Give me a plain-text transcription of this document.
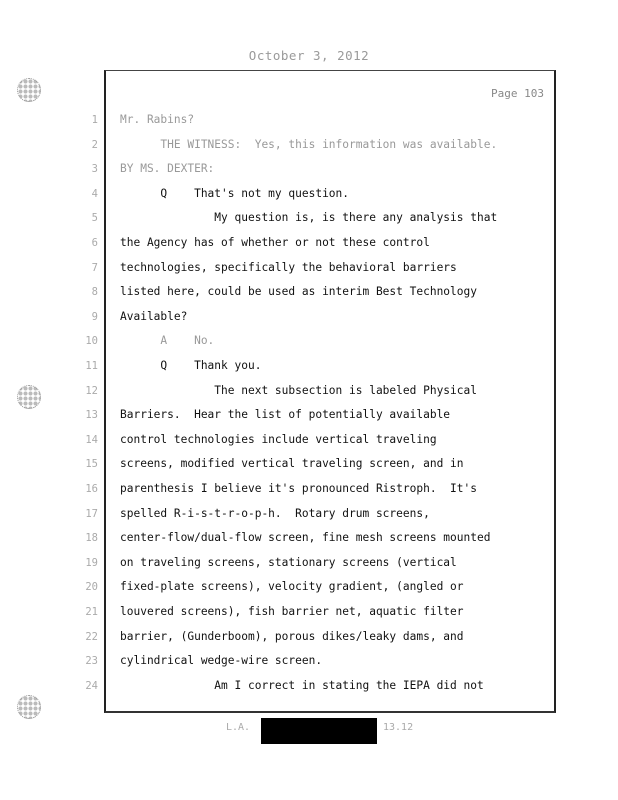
October 3, 2012
Page 103
1 Mr. Rabins?
2 THE WITNESS:  Yes, this information was available.
3 BY MS. DEXTER:
4 Q    That's not my question.
5 My question is, is there any analysis that
6 the Agency has of whether or not these control
7 technologies, specifically the behavioral barriers
8 listed here, could be used as interim Best Technology
9 Available?
10 A    No.
11 Q    Thank you.
12 The next subsection is labeled Physical
13 Barriers.  Hear the list of potentially available
14 control technologies include vertical traveling
15 screens, modified vertical traveling screen, and in
16 parenthesis I believe it's pronounced Ristroph.  It's
17 spelled R-i-s-t-r-o-p-h.  Rotary drum screens,
18 center-flow/dual-flow screen, fine mesh screens mounted
19 on traveling screens, stationary screens (vertical
20 fixed-plate screens), velocity gradient, (angled or
21 louvered screens), fish barrier net, aquatic filter
22 barrier, (Gunderboom), porous dikes/leaky dams, and
23 cylindrical wedge-wire screen.
24 Am I correct in stating the IEPA did not
L.A.	13.12
